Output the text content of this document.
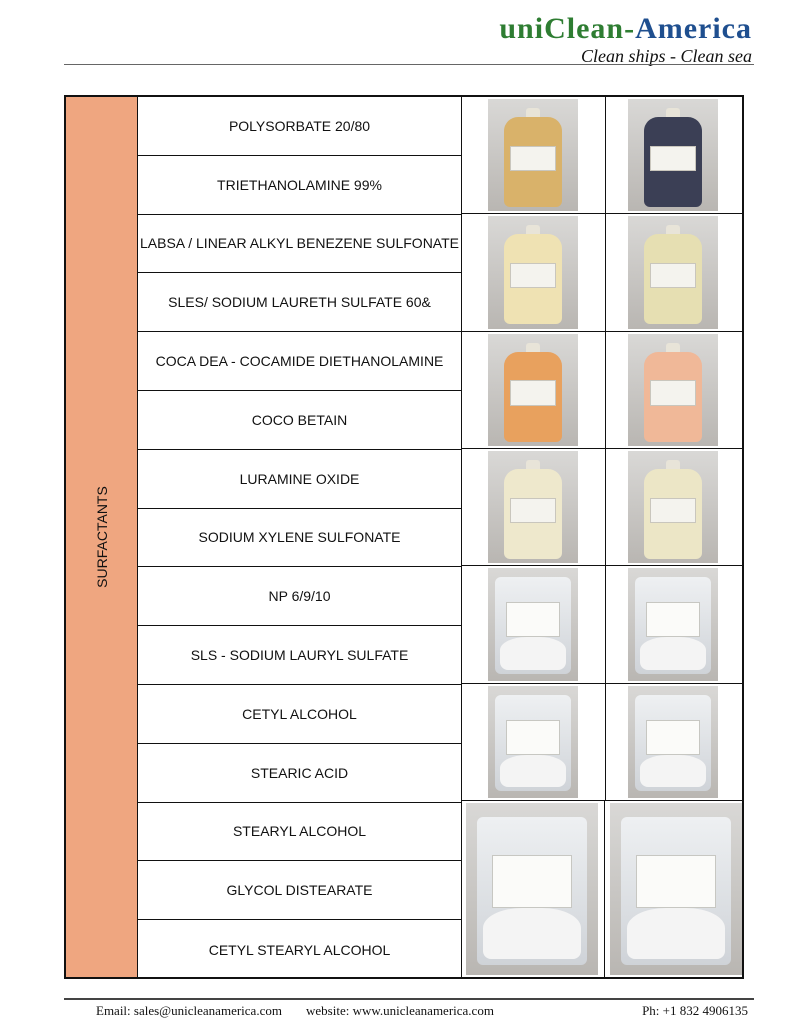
uniClean-America
Clean ships - Clean sea
SURFACTANTS
POLYSORBATE 20/80
TRIETHANOLAMINE 99%
LABSA / LINEAR ALKYL BENEZENE SULFONATE
SLES/ SODIUM LAURETH SULFATE 60&
COCA DEA - COCAMIDE DIETHANOLAMINE
COCO BETAIN
LURAMINE OXIDE
SODIUM XYLENE SULFONATE
NP 6/9/10
SLS - SODIUM LAURYL SULFATE
CETYL ALCOHOL
STEARIC ACID
STEARYL ALCOHOL
GLYCOL DISTEARATE
CETYL STEARYL ALCOHOL
Email: sales@unicleanamerica.com website: www.unicleanamerica.com	Ph: +1 832 4906135
